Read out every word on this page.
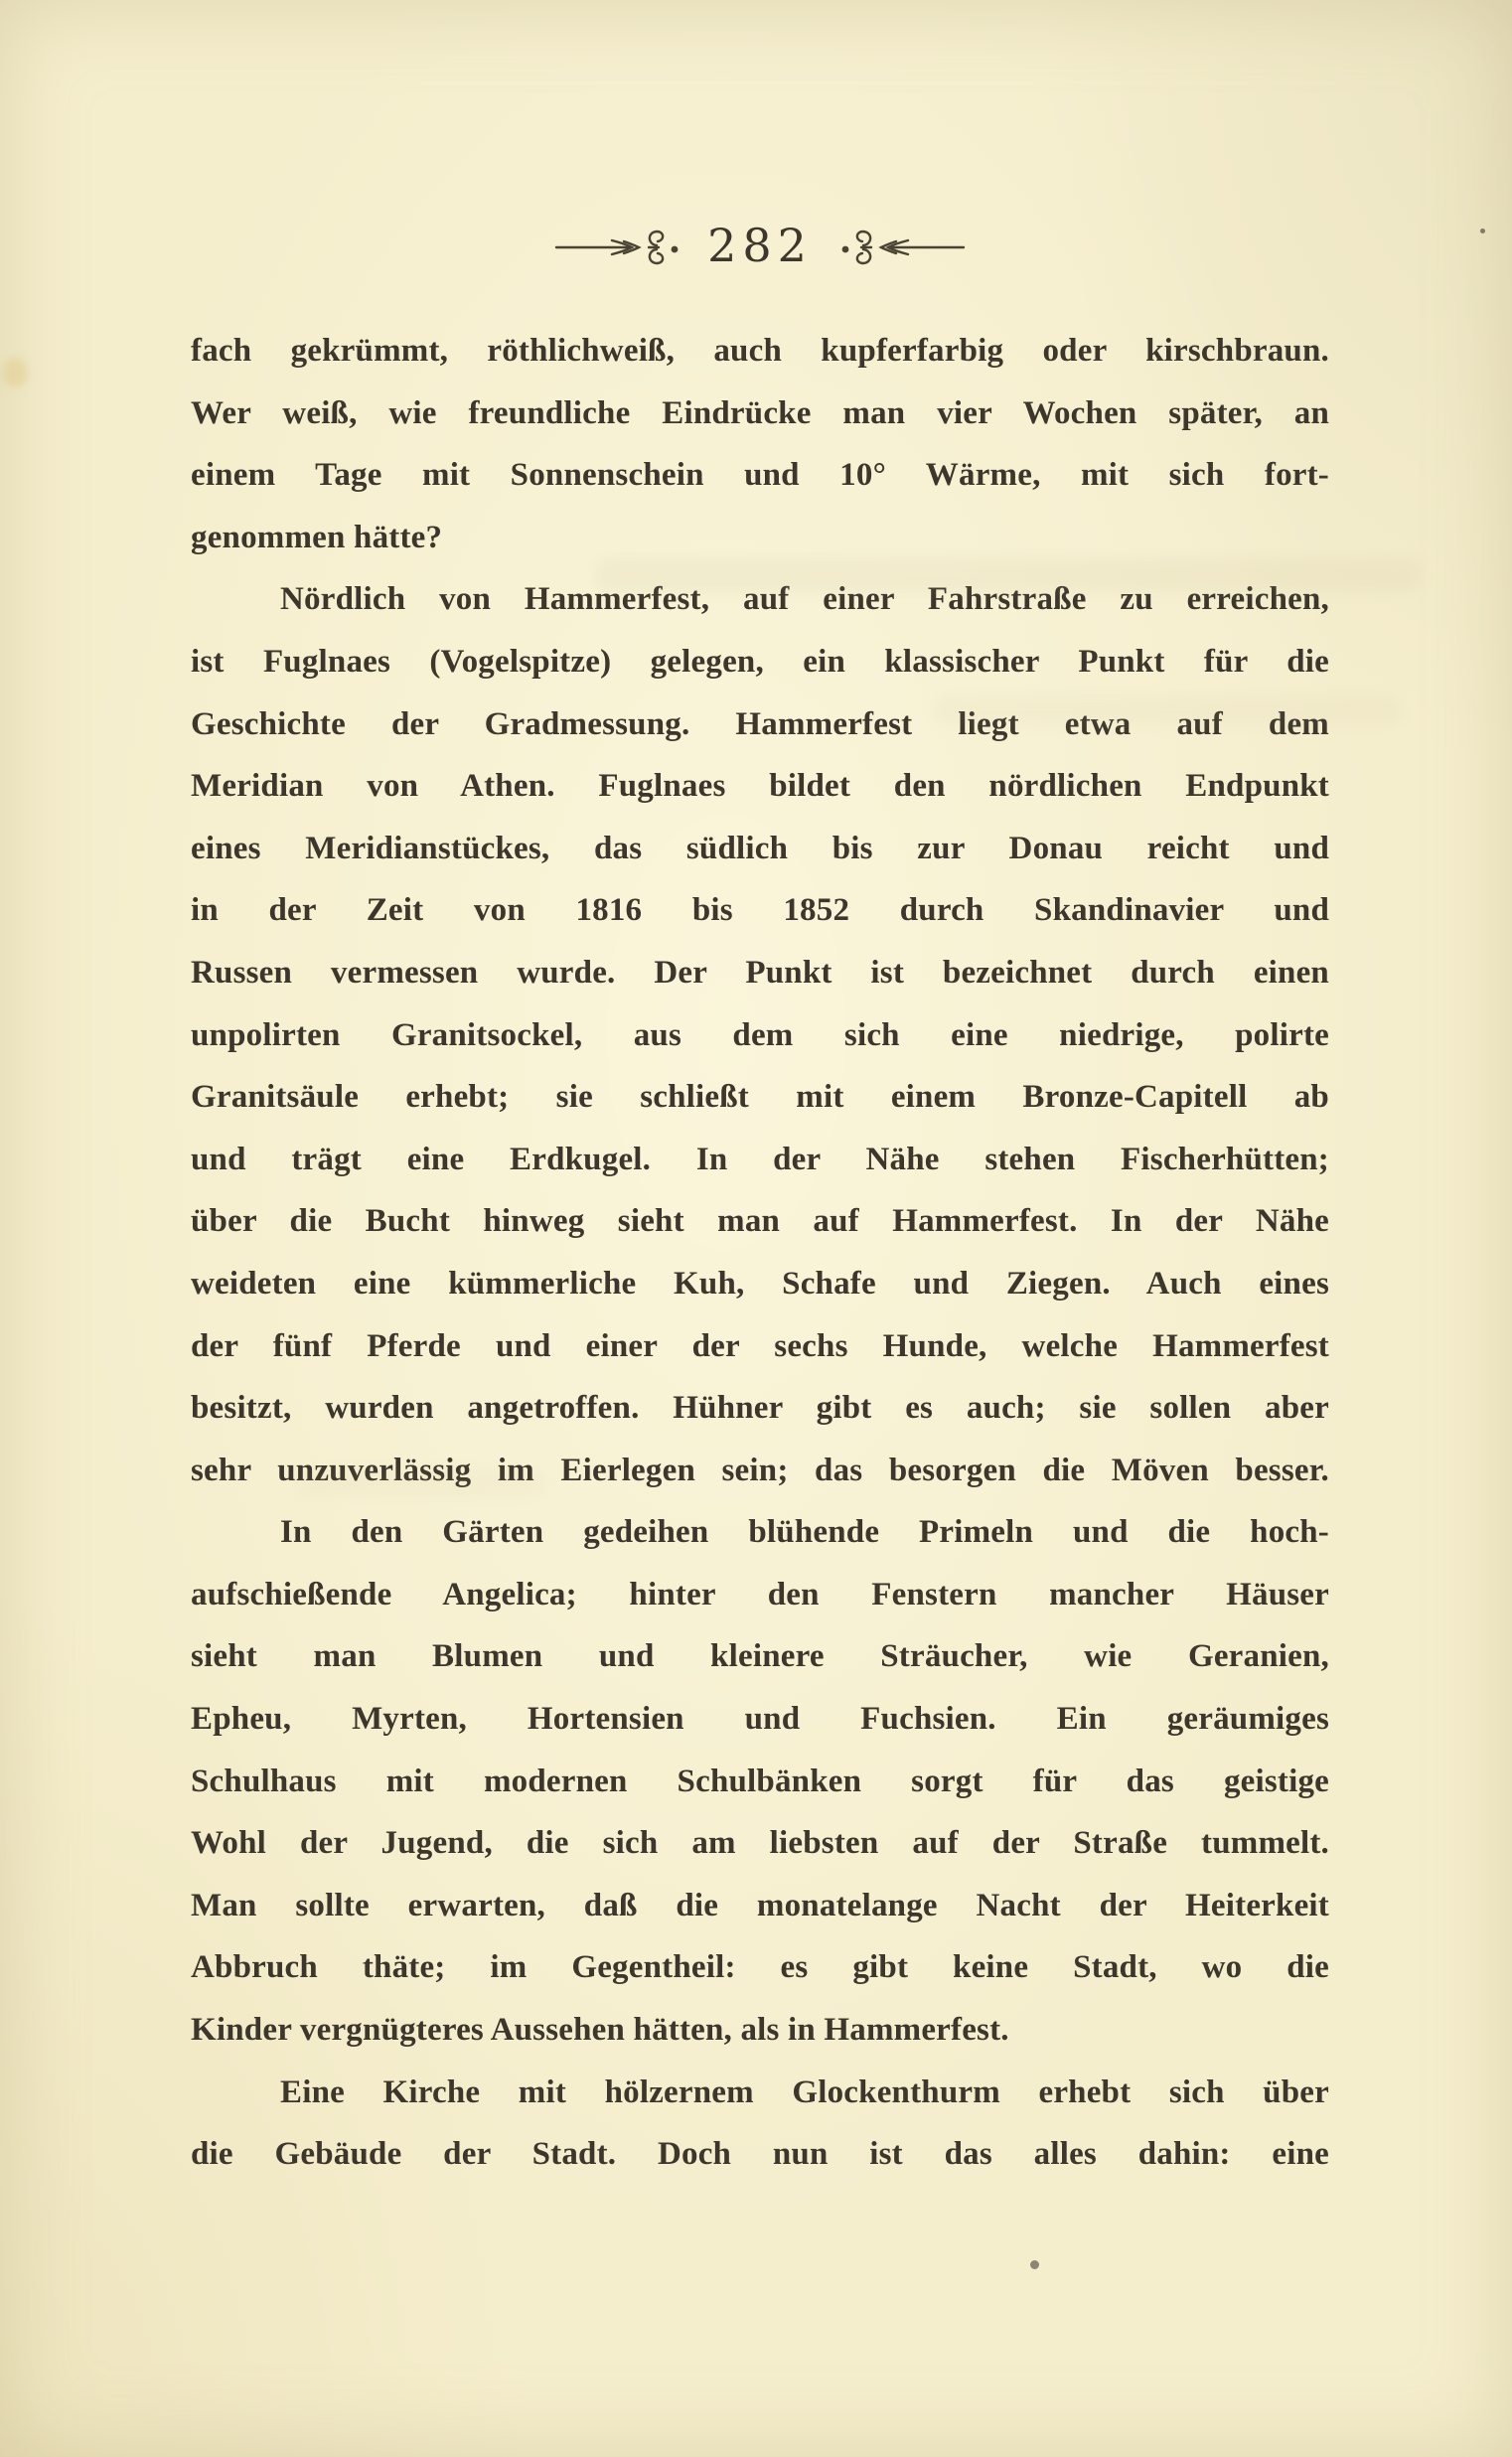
282
fach gekrümmt, röthlichweiß, auch kupferfarbig oder kirschbraun.
Wer weiß, wie freundliche Eindrücke man vier Wochen später, an
einem Tage mit Sonnenschein und 10° Wärme, mit sich fort-
genommen hätte?
Nördlich von Hammerfest, auf einer Fahrstraße zu erreichen,
ist Fuglnaes (Vogelspitze) gelegen, ein klassischer Punkt für die
Geschichte der Gradmessung. Hammerfest liegt etwa auf dem
Meridian von Athen. Fuglnaes bildet den nördlichen Endpunkt
eines Meridianstückes, das südlich bis zur Donau reicht und
in der Zeit von 1816 bis 1852 durch Skandinavier und
Russen vermessen wurde. Der Punkt ist bezeichnet durch einen
unpolirten Granitsockel, aus dem sich eine niedrige, polirte
Granitsäule erhebt; sie schließt mit einem Bronze-Capitell ab
und trägt eine Erdkugel. In der Nähe stehen Fischerhütten;
über die Bucht hinweg sieht man auf Hammerfest. In der Nähe
weideten eine kümmerliche Kuh, Schafe und Ziegen. Auch eines
der fünf Pferde und einer der sechs Hunde, welche Hammerfest
besitzt, wurden angetroffen. Hühner gibt es auch; sie sollen aber
sehr unzuverlässig im Eierlegen sein; das besorgen die Möven besser.
In den Gärten gedeihen blühende Primeln und die hoch-
aufschießende Angelica; hinter den Fenstern mancher Häuser
sieht man Blumen und kleinere Sträucher, wie Geranien,
Epheu, Myrten, Hortensien und Fuchsien. Ein geräumiges
Schulhaus mit modernen Schulbänken sorgt für das geistige
Wohl der Jugend, die sich am liebsten auf der Straße tummelt.
Man sollte erwarten, daß die monatelange Nacht der Heiterkeit
Abbruch thäte; im Gegentheil: es gibt keine Stadt, wo die
Kinder vergnügteres Aussehen hätten, als in Hammerfest.
Eine Kirche mit hölzernem Glockenthurm erhebt sich über
die Gebäude der Stadt. Doch nun ist das alles dahin: eine
